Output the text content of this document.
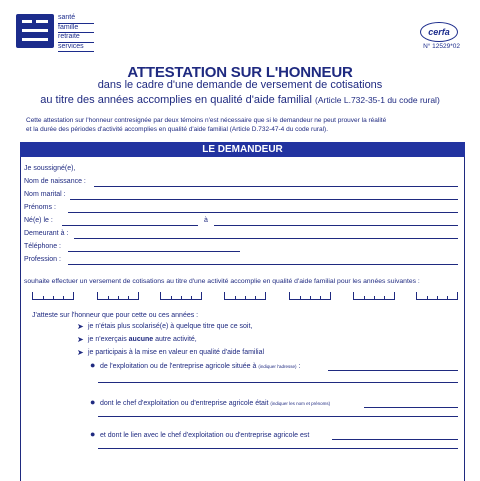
santé
famille
retraite
services
cerfa
N° 12529*02
ATTESTATION SUR L'HONNEUR
dans le cadre d'une demande de versement de cotisations
au titre des années accomplies en qualité d'aide familial (Article L.732-35-1 du code rural)
Cette attestation sur l'honneur contresignée par deux témoins n'est nécessaire que si le demandeur ne peut prouver la réalité
et la durée des périodes d'activité accomplies en qualité d'aide familial (Article D.732-47-4 du code rural).
LE DEMANDEUR
Je soussigné(e),
Nom de naissance :
Nom marital :
Prénoms :
Né(e) le :	à
Demeurant à :
Téléphone :
Profession :
souhaite effectuer un versement de cotisations au titre d'une activité accomplie en qualité d'aide familial pour les années suivantes :
J'atteste sur l'honneur que pour cette ou ces années :
➤ je n'étais plus scolarisé(e) à quelque titre que ce soit,
➤ je n'exerçais aucune autre activité,
➤ je participais à la mise en valeur en qualité d'aide familial
● de l'exploitation ou de l'entreprise agricole située à (indiquer l'adresse) :
● dont le chef d'exploitation ou d'entreprise agricole était (indiquer les nom et prénoms)
● et dont le lien avec le chef d'exploitation ou d'entreprise agricole est
